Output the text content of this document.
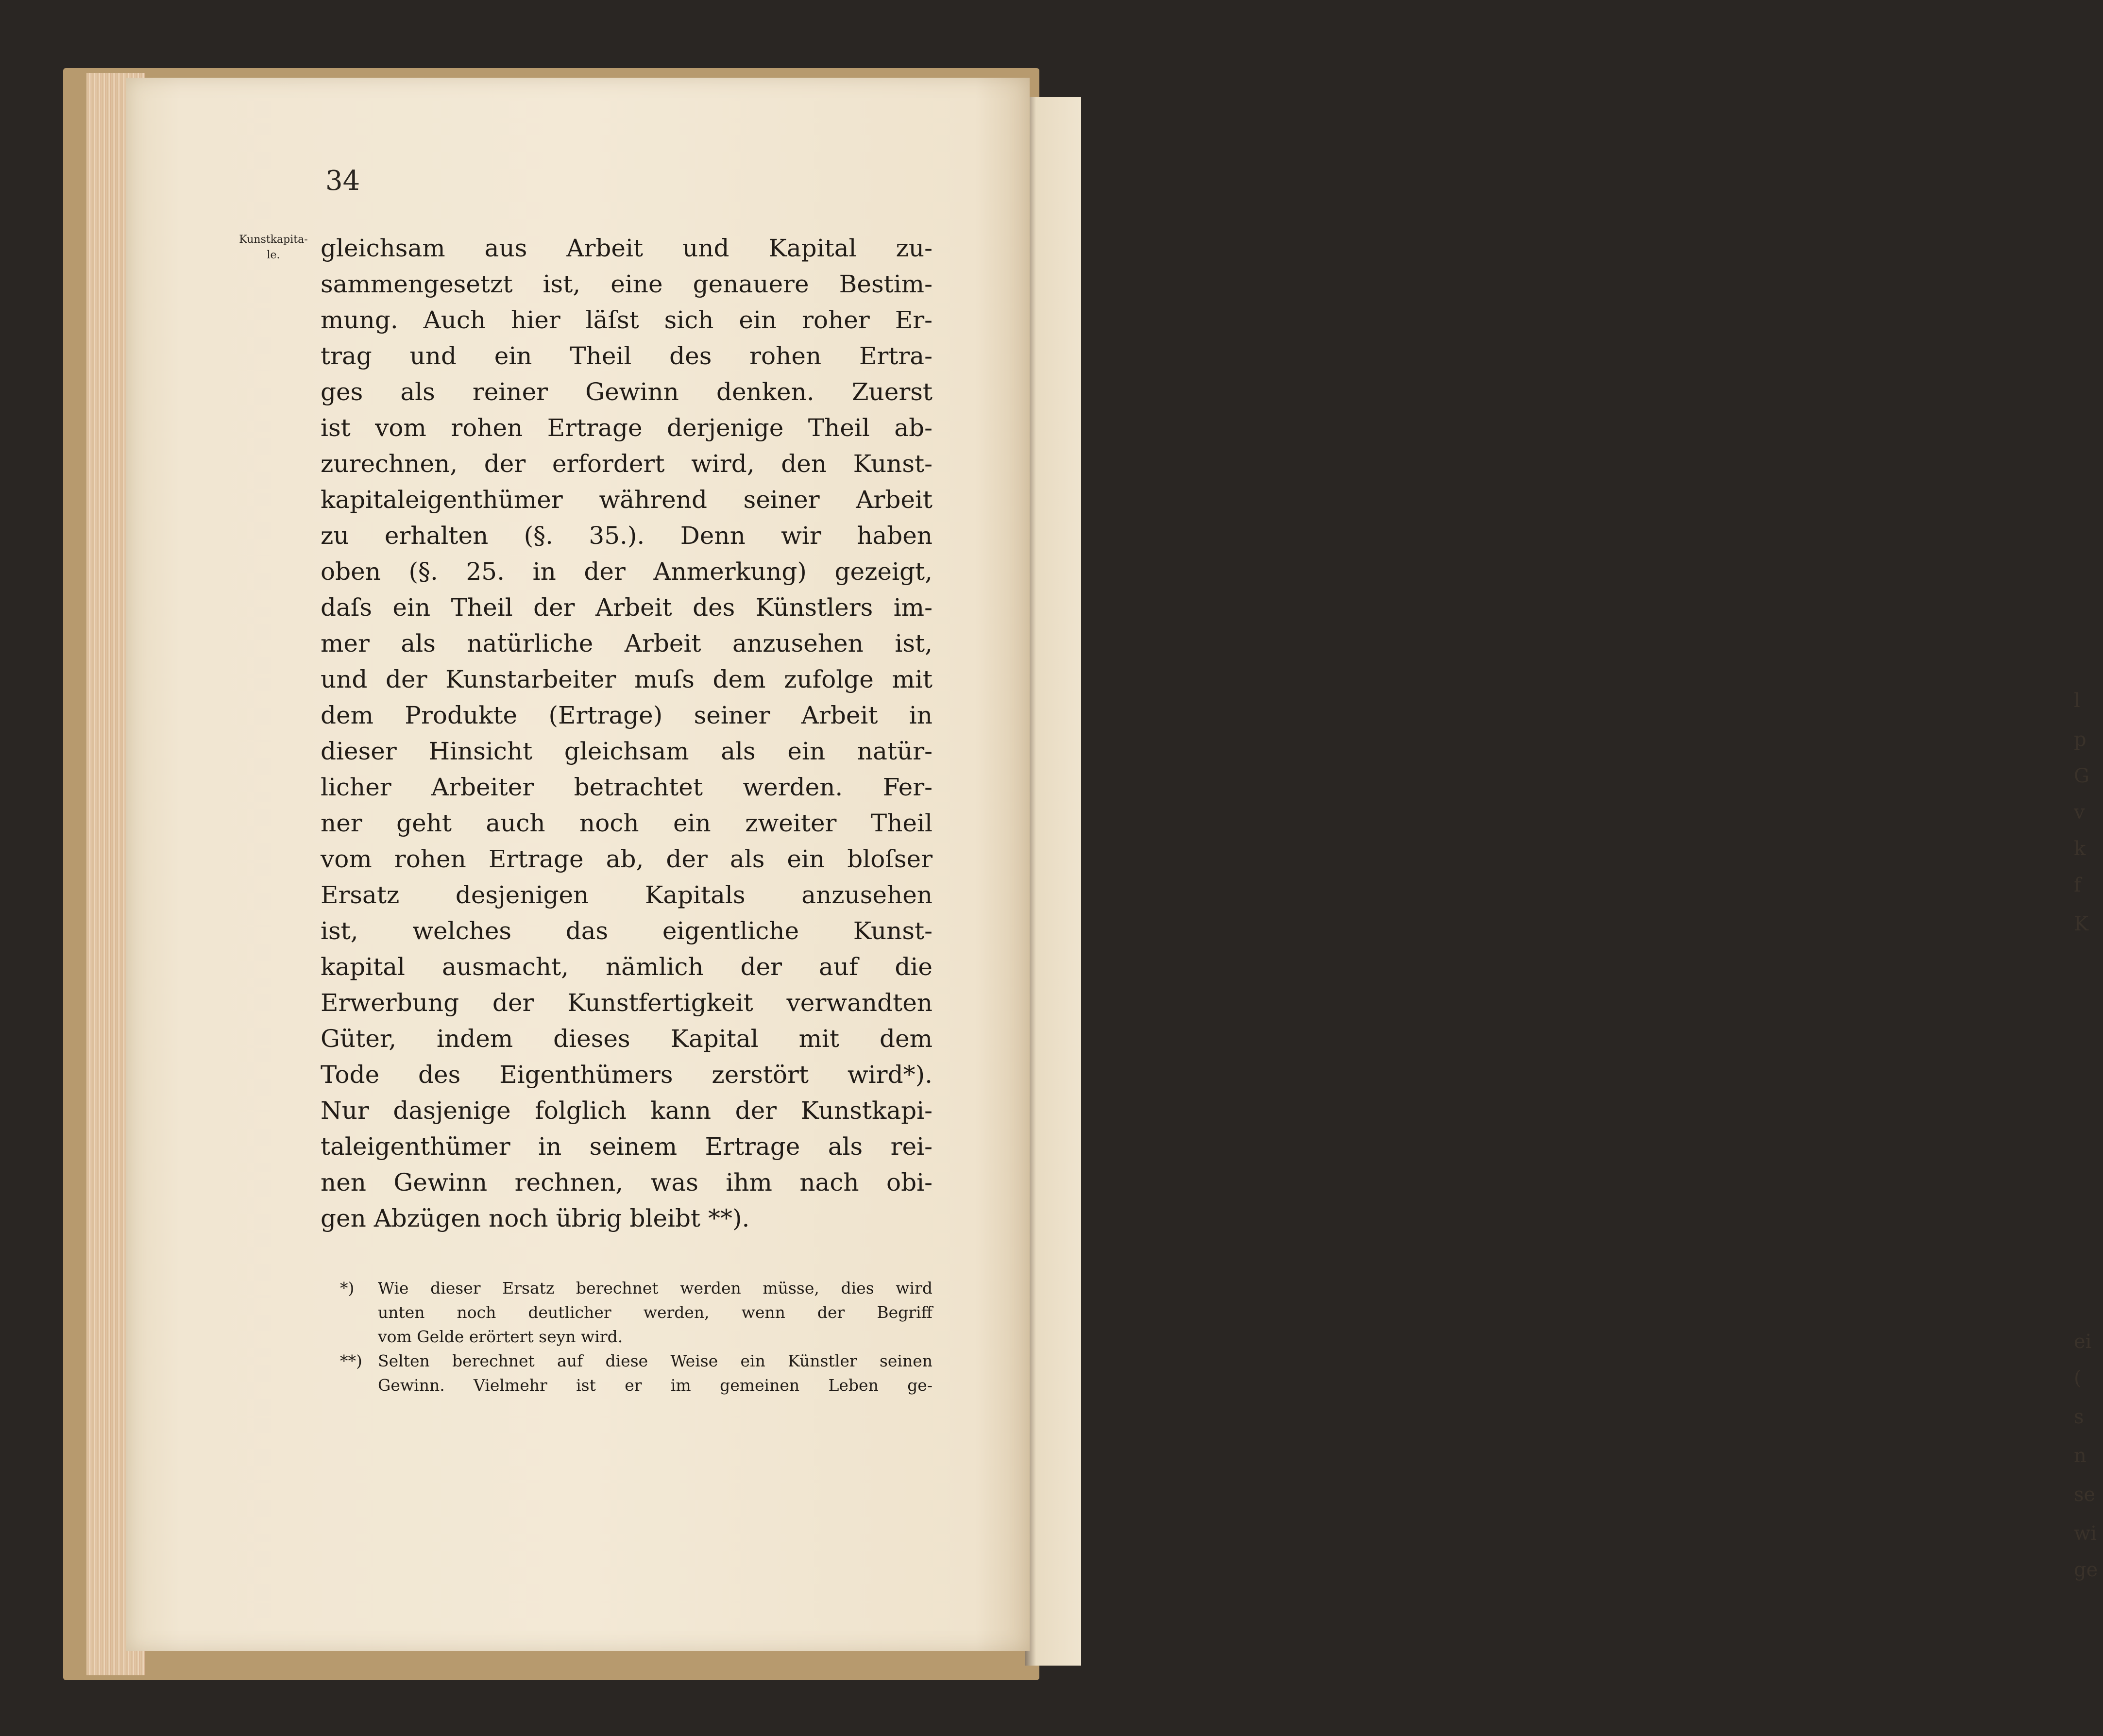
l
p
G
v
k
f
K
ei
(
s
n
se
wi
ge

34

Kunstkapita-
le.	gleichsam aus Arbeit und Kapital zu-
sammengesetzt ist, eine genauere Bestim-
mung. Auch hier läſst sich ein roher Er-
trag und ein Theil des rohen Ertra-
ges als reiner Gewinn denken. Zuerst
ist vom rohen Ertrage derjenige Theil ab-
zurechnen, der erfordert wird, den Kunst-
kapitaleigenthümer während seiner Arbeit
zu erhalten (§. 35.). Denn wir haben
oben (§. 25. in der Anmerkung) gezeigt,
daſs ein Theil der Arbeit des Künstlers im-
mer als natürliche Arbeit anzusehen ist,
und der Kunstarbeiter muſs dem zufolge mit
dem Produkte (Ertrage) seiner Arbeit in
dieser Hinsicht gleichsam als ein natür-
licher Arbeiter betrachtet werden. Fer-
ner geht auch noch ein zweiter Theil
vom rohen Ertrage ab, der als ein bloſser
Ersatz desjenigen Kapitals anzusehen
ist, welches das eigentliche Kunst-
kapital ausmacht, nämlich der auf die
Erwerbung der Kunstfertigkeit verwandten
Güter, indem dieses Kapital mit dem
Tode des Eigenthümers zerstört wird*).
Nur dasjenige folglich kann der Kunstkapi-
taleigenthümer in seinem Ertrage als rei-
nen Gewinn rechnen, was ihm nach obi-
gen Abzügen noch übrig bleibt **).
*) Wie dieser Ersatz berechnet werden müsse, dies wird
unten noch deutlicher werden, wenn der Begriff
vom Gelde erörtert seyn wird.
**) Selten berechnet auf diese Weise ein Künstler seinen
Gewinn. Vielmehr ist er im gemeinen Leben ge-
